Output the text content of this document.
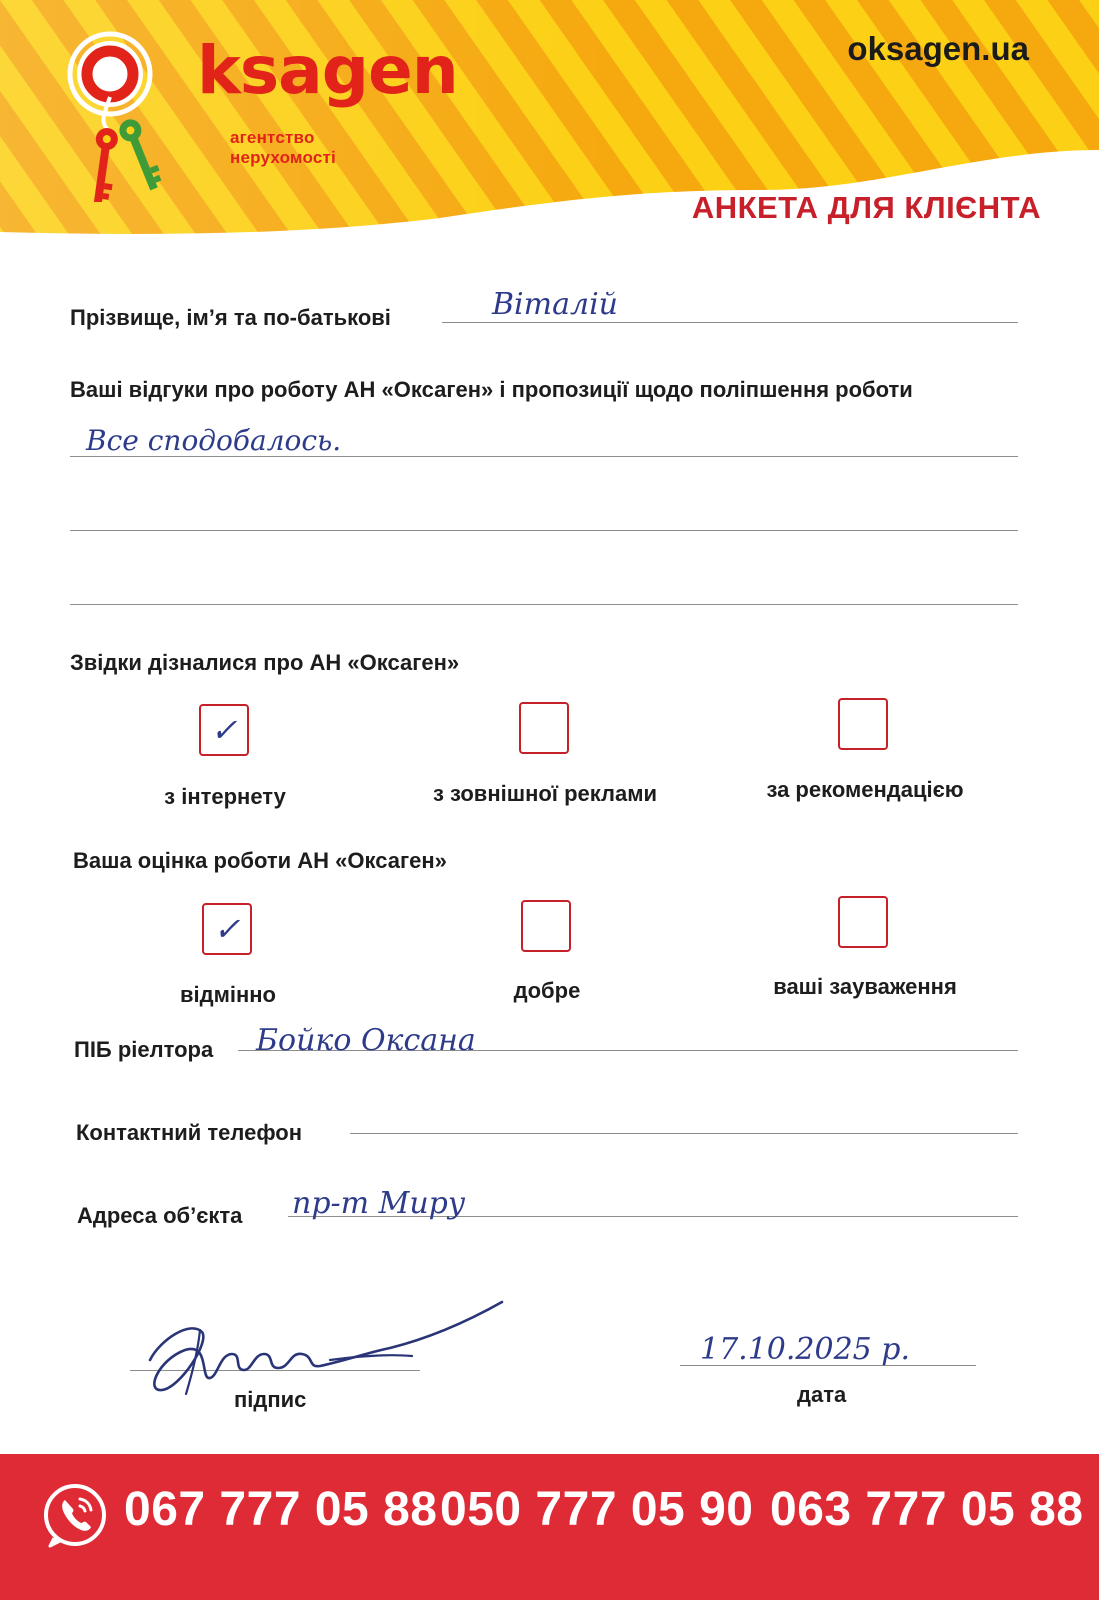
ksagen
агентство нерухомості
oksagen.ua
АНКЕТА ДЛЯ КЛІЄНТА
Прізвище, ім’я та по-батькові	Віталій
Ваші відгуки про роботу АН «Оксаген» і пропозиції щодо поліпшення роботи
Все сподобалось.
Звідки дізналися про АН «Оксаген»
✓
з інтернету	з зовнішної реклами	за рекомендацією
Ваша оцінка роботи АН «Оксаген»
✓
відмінно	добре	ваші зауваження
ПІБ ріелтора Бойко Оксана
Контактний телефон
Адреса об’єкта пр-т Миру
підпис
17.10.2025 р.
дата
067 777 05 88 050 777 05 90 063 777 05 88
